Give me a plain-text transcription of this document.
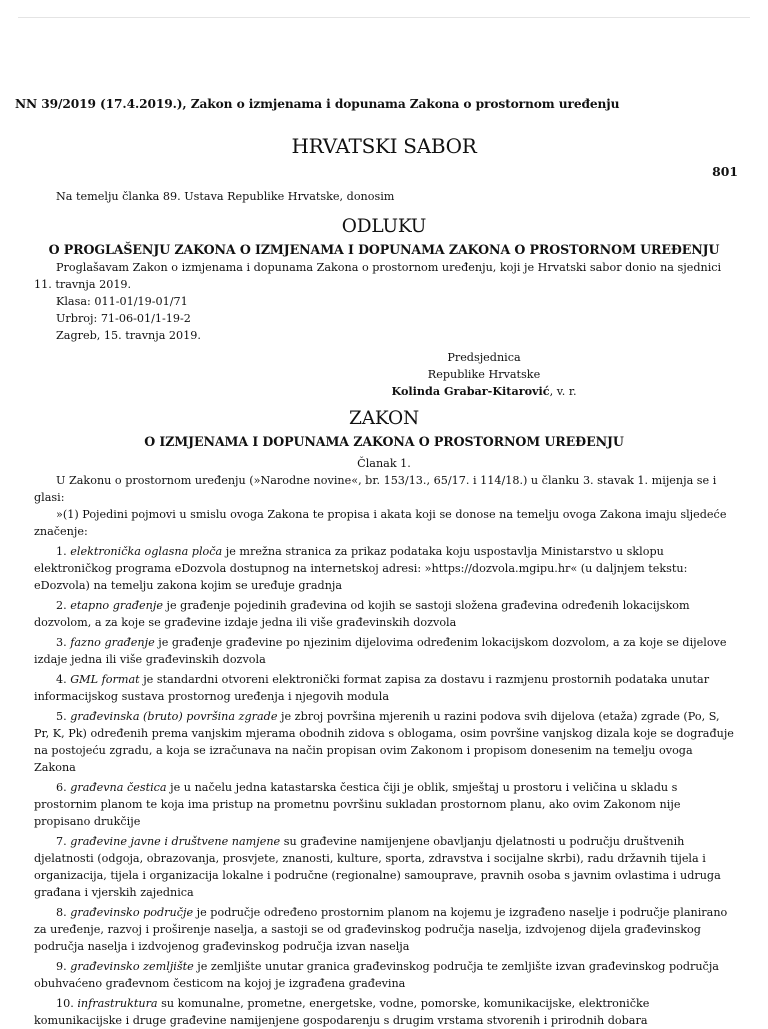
NN 39/2019 (17.4.2019.), Zakon o izmjenama i dopunama Zakona o prostornom uređenju

HRVATSKI SABOR
801

Na temelju članka 89. Ustava Republike Hrvatske, donosim

ODLUKU
O PROGLAŠENJU ZAKONA O IZMJENAMA I DOPUNAMA ZAKONA O PROSTORNOM UREĐENJU

Proglašavam Zakon o izmjenama i dopunama Zakona o prostornom uređenju, koji je Hrvatski sabor donio na sjednici 11. travnja 2019.

Klasa: 011-01/19-01/71

Urbroj: 71-06-01/1-19-2

Zagreb, 15. travnja 2019.

Predsjednica

Republike Hrvatske

Kolinda Grabar-Kitarović, v. r.

ZAKON
O IZMJENAMA I DOPUNAMA ZAKONA O PROSTORNOM UREĐENJU

Članak 1.

U Zakonu o prostornom uređenju (»Narodne novine«, br. 153/13., 65/17. i 114/18.) u članku 3. stavak 1. mijenja se i glasi:

»(1) Pojedini pojmovi u smislu ovoga Zakona te propisa i akata koji se donose na temelju ovoga Zakona imaju sljedeće značenje:

1. elektronička oglasna ploča je mrežna stranica za prikaz podataka koju uspostavlja Ministarstvo u sklopu elektroničkog programa eDozvola dostupnog na internetskoj adresi: »https://dozvola.mgipu.hr« (u daljnjem tekstu: eDozvola) na temelju zakona kojim se uređuje gradnja

2. etapno građenje je građenje pojedinih građevina od kojih se sastoji složena građevina određenih lokacijskom dozvolom, a za koje se građevine izdaje jedna ili više građevinskih dozvola

3. fazno građenje je građenje građevine po njezinim dijelovima određenim lokacijskom dozvolom, a za koje se dijelove izdaje jedna ili više građevinskih dozvola

4. GML format je standardni otvoreni elektronički format zapisa za dostavu i razmjenu prostornih podataka unutar informacijskog sustava prostornog uređenja i njegovih modula

5. građevinska (bruto) površina zgrade je zbroj površina mjerenih u razini podova svih dijelova (etaža) zgrade (Po, S, Pr, K, Pk) određenih prema vanjskim mjerama obodnih zidova s oblogama, osim površine vanjskog dizala koje se dograđuje na postojeću zgradu, a koja se izračunava na način propisan ovim Zakonom i propisom donesenim na temelju ovoga Zakona

6. građevna čestica je u načelu jedna katastarska čestica čiji je oblik, smještaj u prostoru i veličina u skladu s prostornim planom te koja ima pristup na prometnu površinu sukladan prostornom planu, ako ovim Zakonom nije propisano drukčije

7. građevine javne i društvene namjene su građevine namijenjene obavljanju djelatnosti u području društvenih djelatnosti (odgoja, obrazovanja, prosvjete, znanosti, kulture, sporta, zdravstva i socijalne skrbi), radu državnih tijela i organizacija, tijela i organizacija lokalne i područne (regionalne) samouprave, pravnih osoba s javnim ovlastima i udruga građana i vjerskih zajednica

8. građevinsko područje je područje određeno prostornim planom na kojemu je izgrađeno naselje i područje planirano za uređenje, razvoj i proširenje naselja, a sastoji se od građevinskog područja naselja, izdvojenog dijela građevinskog područja naselja i izdvojenog građevinskog područja izvan naselja

9. građevinsko zemljište je zemljište unutar granica građevinskog područja te zemljište izvan građevinskog područja obuhvaćeno građevnom česticom na kojoj je izgrađena građevina

10. infrastruktura su komunalne, prometne, energetske, vodne, pomorske, komunikacijske, elektroničke komunikacijske i druge građevine namijenjene gospodarenju s drugim vrstama stvorenih i prirodnih dobara
